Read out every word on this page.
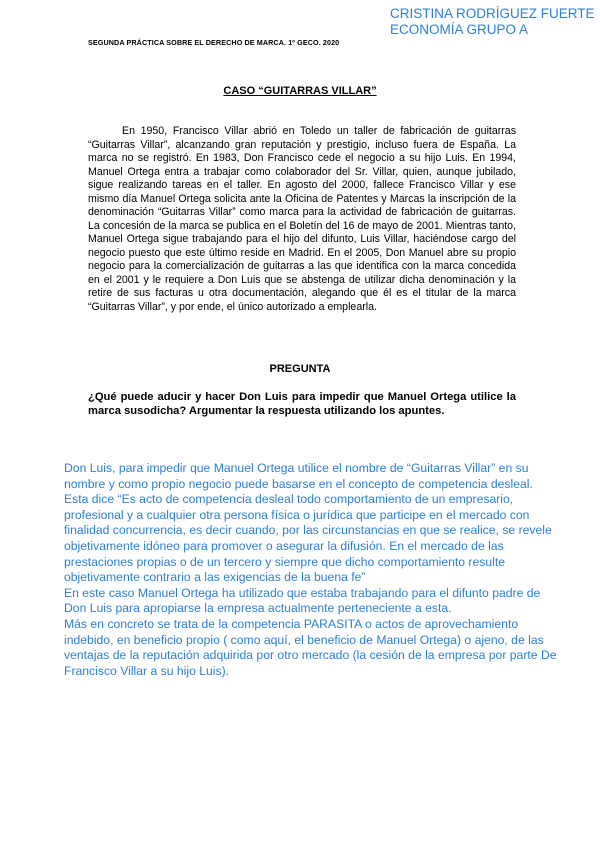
CRISTINA RODRÍGUEZ FUERTE
ECONOMÍA GRUPO A
SEGUNDA PRÁCTICA SOBRE EL DERECHO DE MARCA. 1º GECO. 2020
CASO “GUITARRAS VILLAR”
En 1950, Francisco Villar abrió en Toledo un taller de fabricación de guitarras “Guitarras Villar”, alcanzando gran reputación y prestigio, incluso fuera de España. La marca no se registró. En 1983, Don Francisco cede el negocio a su hijo Luis. En 1994, Manuel Ortega entra a trabajar como colaborador del Sr. Villar, quien, aunque jubilado, sigue realizando tareas en el taller. En agosto del 2000, fallece Francisco Villar y ese mismo día Manuel Ortega solicita ante la Oficina de Patentes y Marcas la inscripción de la denominación “Guitarras Villar” como marca para la actividad de fabricación de guitarras. La concesión de la marca se publica en el Boletín del 16 de mayo de 2001. Mientras tanto, Manuel Ortega sigue trabajando para el hijo del difunto, Luis Villar, haciéndose cargo del negocio puesto que este último reside en Madrid. En el 2005, Don Manuel abre su propio negocio para la comercialización de guitarras a las que identifica con la marca concedida en el 2001 y le requiere a Don Luis que se abstenga de utilizar dicha denominación y la retire de sus facturas u otra documentación, alegando que él es el titular de la marca “Guitarras Villar”, y por ende, el único autorizado a emplearla.
PREGUNTA
¿Qué puede aducir y hacer Don Luis para impedir que Manuel Ortega utilice la marca susodicha? Argumentar la respuesta utilizando los apuntes.

Don Luis, para impedir que Manuel Ortega utilice el nombre de “Guitarras Villar” en su nombre y como propio negocio puede basarse en el concepto de competencia desleal.

Esta dice “Es acto de competencia desleal todo comportamiento de un empresario, profesional y a cualquier otra persona física o jurídica que participe en el mercado con finalidad concurrencia, es decir cuando, por las circunstancias en que se realice, se revele objetivamente idóneo para promover o asegurar la difusión. En el mercado de las prestaciones propias o de un tercero y siempre que dicho comportamiento resulte objetivamente contrario a las exigencias de la buena fe”

En este caso Manuel Ortega ha utilizado que estaba trabajando para el difunto padre de Don Luis para apropiarse la empresa actualmente perteneciente a esta.

Más en concreto se trata de la competencia PARASITA o actos de aprovechamiento indebido, en beneficio propio ( como aquí, el beneficio de Manuel Ortega) o ajeno, de las ventajas de la reputación adquirida por otro mercado (la cesión de la empresa por parte De Francisco Villar a su hijo Luis).
